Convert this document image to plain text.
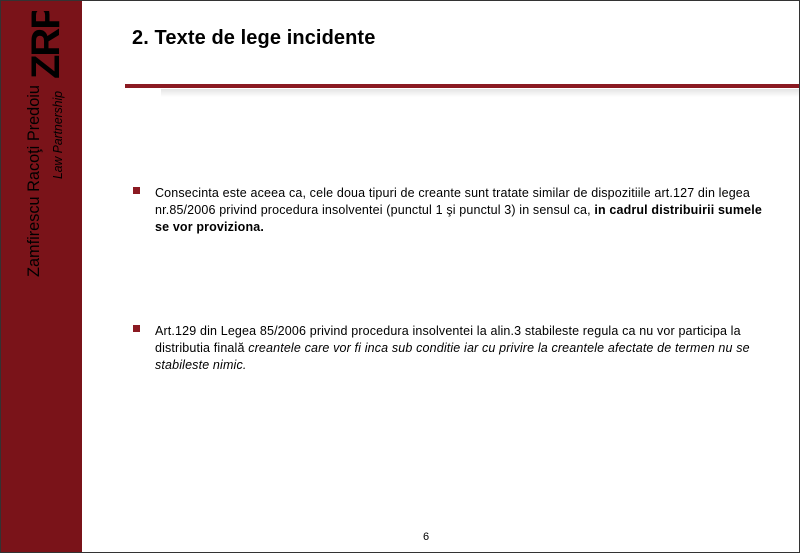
ZRP
Zamfirescu Racoţi Predoiu Law Partnership
2. Texte de lege incidente
Consecinta este aceea ca, cele doua tipuri de creante sunt tratate similar de dispozitiile art.127 din legea nr.85/2006 privind procedura insolventei (punctul 1 şi punctul 3) in sensul ca, in cadrul distribuirii sumele se vor proviziona.
Art.129 din Legea 85/2006 privind procedura insolventei la alin.3 stabileste regula ca nu vor participa la distributia finală creantele care vor fi inca sub conditie iar cu privire la creantele afectate de termen nu se stabileste nimic.
6
